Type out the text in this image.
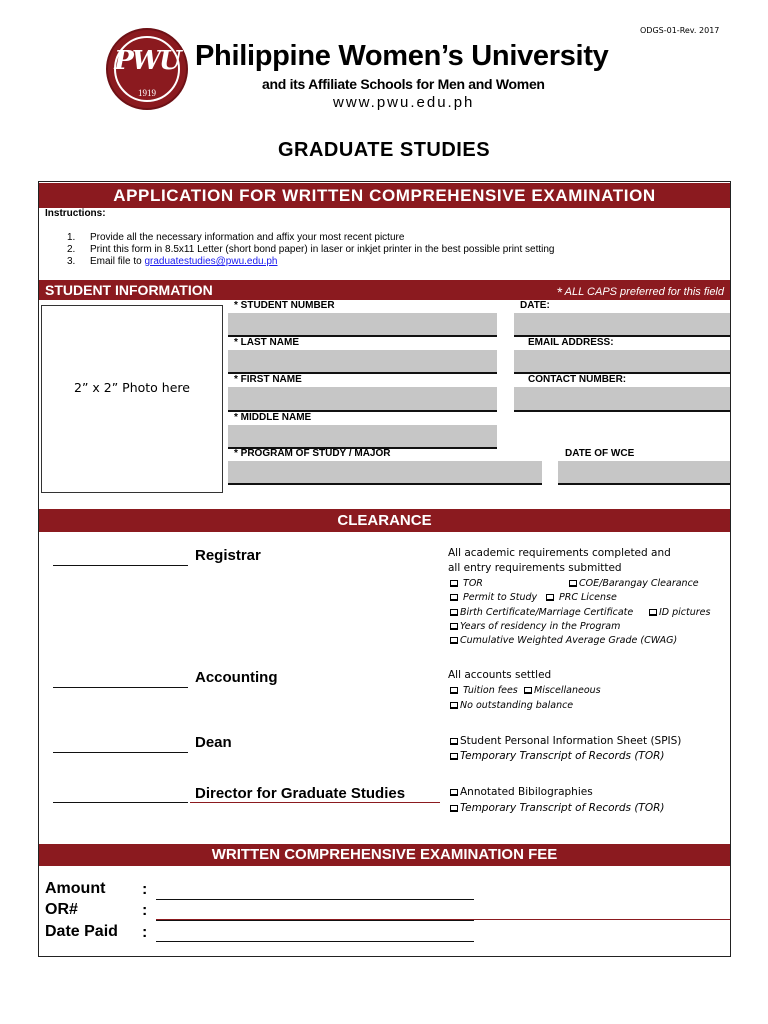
ODGS-01-Rev. 2017
PWU
1919
Philippine Women’s University
and its Affiliate Schools for Men and Women
www.pwu.edu.ph
GRADUATE STUDIES
APPLICATION FOR WRITTEN COMPREHENSIVE EXAMINATION
Instructions:
1. Provide all the necessary information and affix your most recent picture
2. Print this form in 8.5x11 Letter (short bond paper) in laser or inkjet printer in the best possible print setting
3. Email file to graduatestudies@pwu.edu.ph
STUDENT INFORMATION	* ALL CAPS preferred for this field
2” x 2” Photo here
* STUDENT NUMBER	DATE:
* LAST NAME	EMAIL ADDRESS:
* FIRST NAME	CONTACT NUMBER:
* MIDDLE NAME
* PROGRAM OF STUDY / MAJOR	DATE OF WCE
CLEARANCE
Registrar	All academic requirements completed and
all entry requirements submitted
TOR	COE/Barangay Clearance
Permit to Study	PRC License
Birth Certificate/Marriage Certificate	ID pictures
Years of residency in the Program
Cumulative Weighted Average Grade (CWAG)
Accounting	All accounts settled
Tuition fees	Miscellaneous
No outstanding balance
Dean	Student Personal Information Sheet (SPIS)
Temporary Transcript of Records (TOR)
Director for Graduate Studies	Annotated Bibilographies
Temporary Transcript of Records (TOR)
WRITTEN COMPREHENSIVE EXAMINATION FEE
Amount :
OR#	:
Date Paid :
